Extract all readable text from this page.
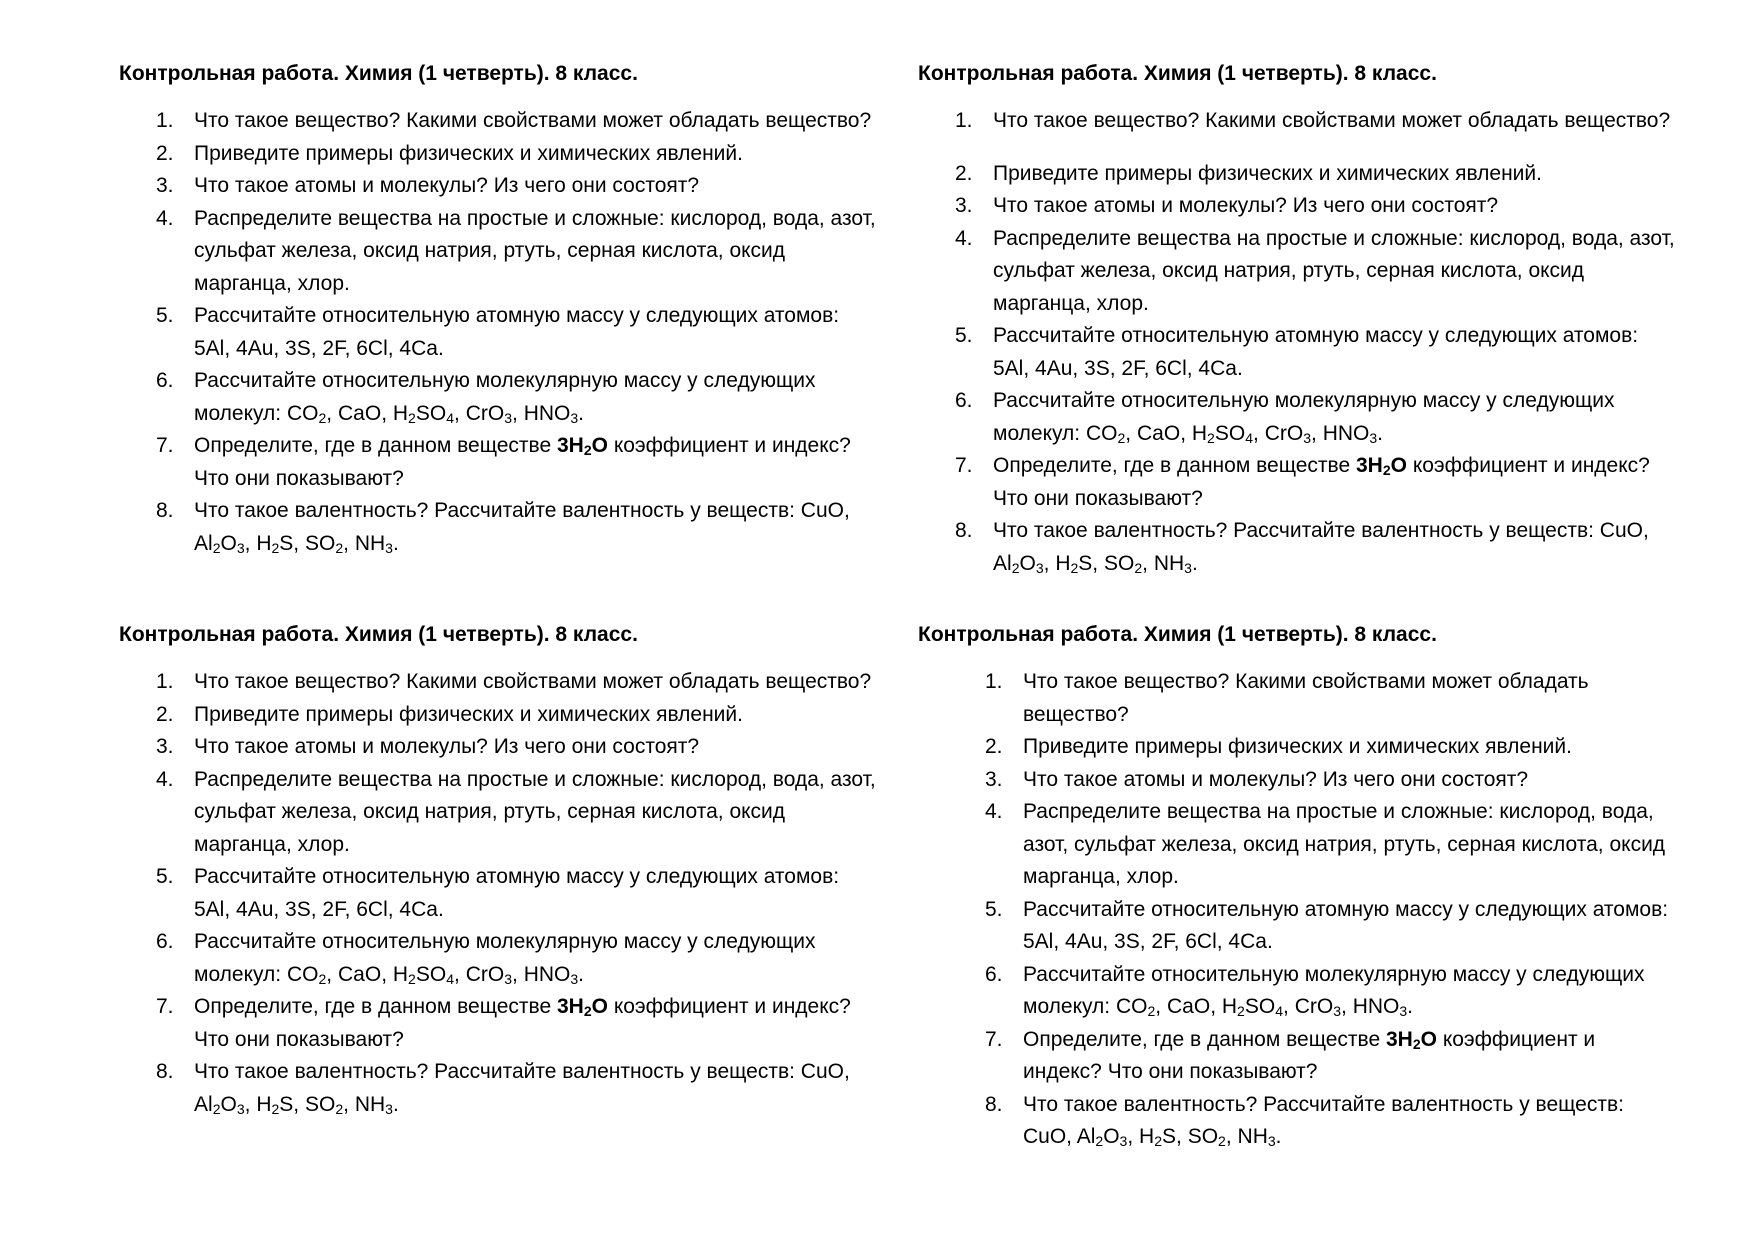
Контрольная работа. Химия (1 четверть). 8 класс.
1. Что такое вещество? Какими свойствами может обладать вещество?
2. Приведите примеры физических и химических явлений.
3. Что такое атомы и молекулы? Из чего они состоят?
4. Распределите вещества на простые и сложные: кислород, вода, азот, сульфат железа, оксид натрия, ртуть, серная кислота, оксид марганца, хлор.
5. Рассчитайте относительную атомную массу у следующих атомов: 5Al, 4Au, 3S, 2F, 6Cl, 4Ca.
6. Рассчитайте относительную молекулярную массу у следующих молекул: $CO_2$, CaO, $H_2SO_4$, CrO$_3$, $HNO_3$.
7. Определите, где в данном веществе $3H_2O$ коэффициент и индекс? Что они показывают?
8. Что такое валентность? Рассчитайте валентность у веществ: CuO, $Al_2O_3$, $H_2S$, $SO_2$, $NH_3$.
Контрольная работа. Химия (1 четверть). 8 класс.
1. Что такое вещество? Какими свойствами может обладать вещество?
2. Приведите примеры физических и химических явлений.
3. Что такое атомы и молекулы? Из чего они состоят?
4. Распределите вещества на простые и сложные: кислород, вода, азот, сульфат железа, оксид натрия, ртуть, серная кислота, оксид марганца, хлор.
5. Рассчитайте относительную атомную массу у следующих атомов: 5Al, 4Au, 3S, 2F, 6Cl, 4Ca.
6. Рассчитайте относительную молекулярную массу у следующих молекул: $CO_2$, CaO, $H_2SO_4$, CrO$_3$, $HNO_3$.
7. Определите, где в данном веществе $3H_2O$ коэффициент и индекс? Что они показывают?
8. Что такое валентность? Рассчитайте валентность у веществ: CuO, $Al_2O_3$, $H_2S$, $SO_2$, $NH_3$.
Контрольная работа. Химия (1 четверть). 8 класс.
1. Что такое вещество? Какими свойствами может обладать вещество?
2. Приведите примеры физических и химических явлений.
3. Что такое атомы и молекулы? Из чего они состоят?
4. Распределите вещества на простые и сложные: кислород, вода, азот, сульфат железа, оксид натрия, ртуть, серная кислота, оксид марганца, хлор.
5. Рассчитайте относительную атомную массу у следующих атомов: 5Al, 4Au, 3S, 2F, 6Cl, 4Ca.
6. Рассчитайте относительную молекулярную массу у следующих молекул: $CO_2$, CaO, $H_2SO_4$, CrO$_3$, $HNO_3$.
7. Определите, где в данном веществе $3H_2O$ коэффициент и индекс? Что они показывают?
8. Что такое валентность? Рассчитайте валентность у веществ: CuO, $Al_2O_3$, $H_2S$, $SO_2$, $NH_3$.
Контрольная работа. Химия (1 четверть). 8 класс.
1. Что такое вещество? Какими свойствами может обладать вещество?
2. Приведите примеры физических и химических явлений.
3. Что такое атомы и молекулы? Из чего они состоят?
4. Распределите вещества на простые и сложные: кислород, вода, азот, сульфат железа, оксид натрия, ртуть, серная кислота, оксид марганца, хлор.
5. Рассчитайте относительную атомную массу у следующих атомов: 5Al, 4Au, 3S, 2F, 6Cl, 4Ca.
6. Рассчитайте относительную молекулярную массу у следующих молекул: $CO_2$, CaO, $H_2SO_4$, CrO$_3$, $HNO_3$.
7. Определите, где в данном веществе $3H_2O$ коэффициент и индекс? Что они показывают?
8. Что такое валентность? Рассчитайте валентность у веществ: CuO, $Al_2O_3$, $H_2S$, $SO_2$, $NH_3$.
